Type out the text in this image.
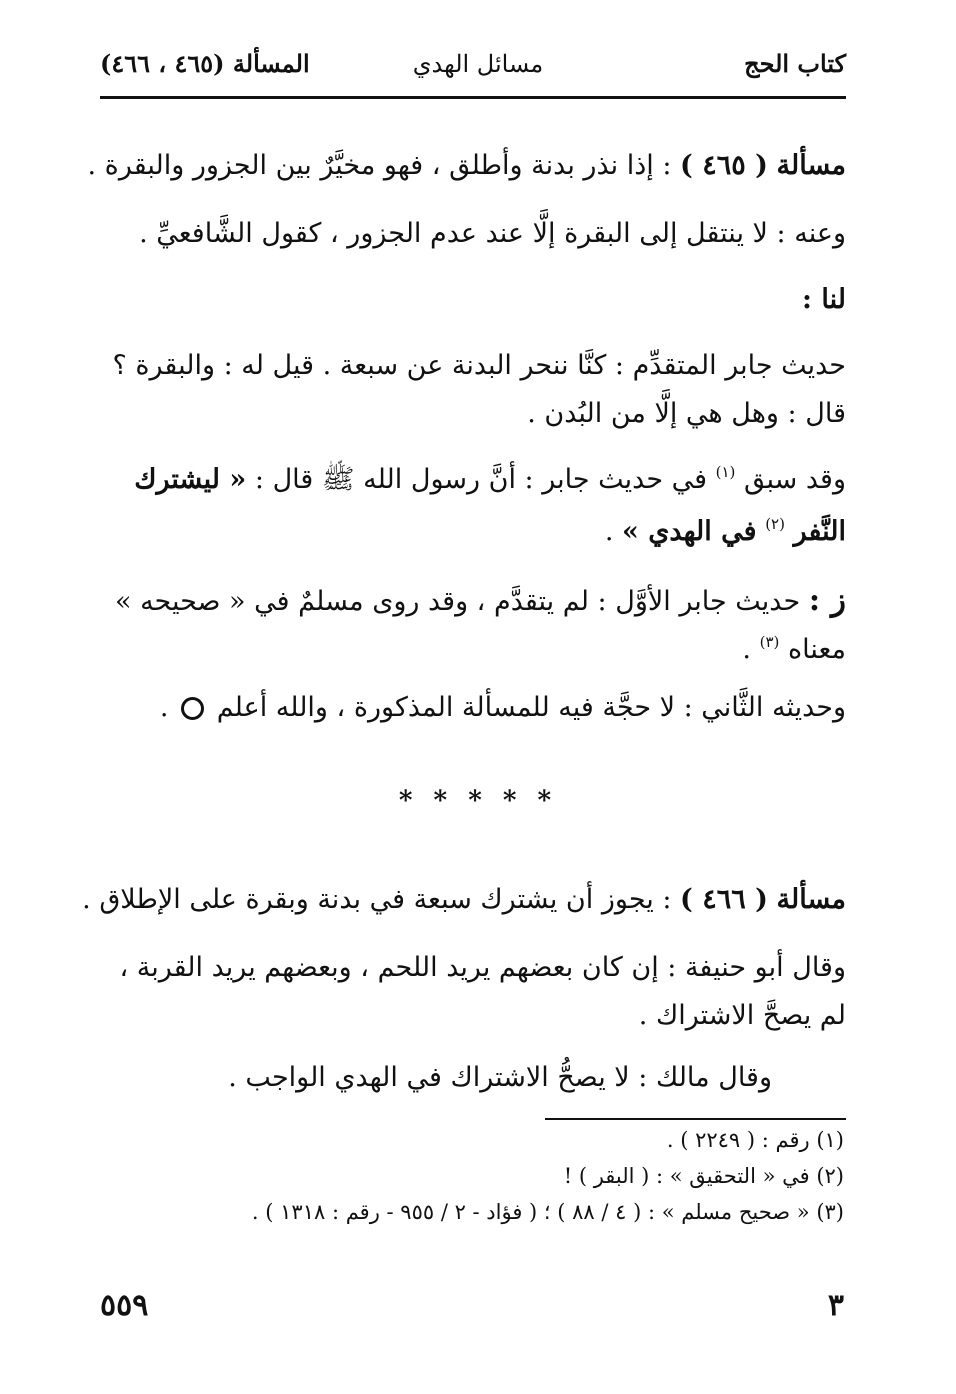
كتاب الحج
مسائل الهدي
المسألة (٤٦٥ ، ٤٦٦)
مسألة ( ٤٦٥ ) : إذا نذر بدنة وأطلق ، فهو مخيَّرٌ بين الجزور والبقرة .
وعنه : لا ينتقل إلى البقرة إلَّا عند عدم الجزور ، كقول الشَّافعيِّ .
لنا :
حديث جابر المتقدِّم : كنَّا ننحر البدنة عن سبعة . قيل له : والبقرة ؟
قال : وهل هي إلَّا من البُدن .
وقد سبق $^{(١)}$ في حديث جابر : أنَّ رسول الله ﷺ قال : « ليشترك
النَّفر $^{(٢)}$ في الهدي » .
ز : حديث جابر الأوَّل : لم يتقدَّم ، وقد روى مسلمٌ في « صحيحه »
معناه $^{(٣)}$ .
وحديثه الثَّاني : لا حجَّة فيه للمسألة المذكورة ، والله أعلم  .
* * * * *
مسألة ( ٤٦٦ ) : يجوز أن يشترك سبعة في بدنة وبقرة على الإطلاق .
وقال أبو حنيفة : إن كان بعضهم يريد اللحم ، وبعضهم يريد القربة ،
لم يصحَّ الاشتراك .
وقال مالك : لا يصحُّ الاشتراك في الهدي الواجب .
(١) رقم : ( ٢٢٤٩ ) .
(٢) في « التحقيق » : ( البقر ) !
(٣) « صحيح مسلم » : ( ٤ / ٨٨ ) ؛ ( فؤاد - ٢ / ٩٥٥ - رقم : ١٣١٨ ) .
٥٥٩	٣
